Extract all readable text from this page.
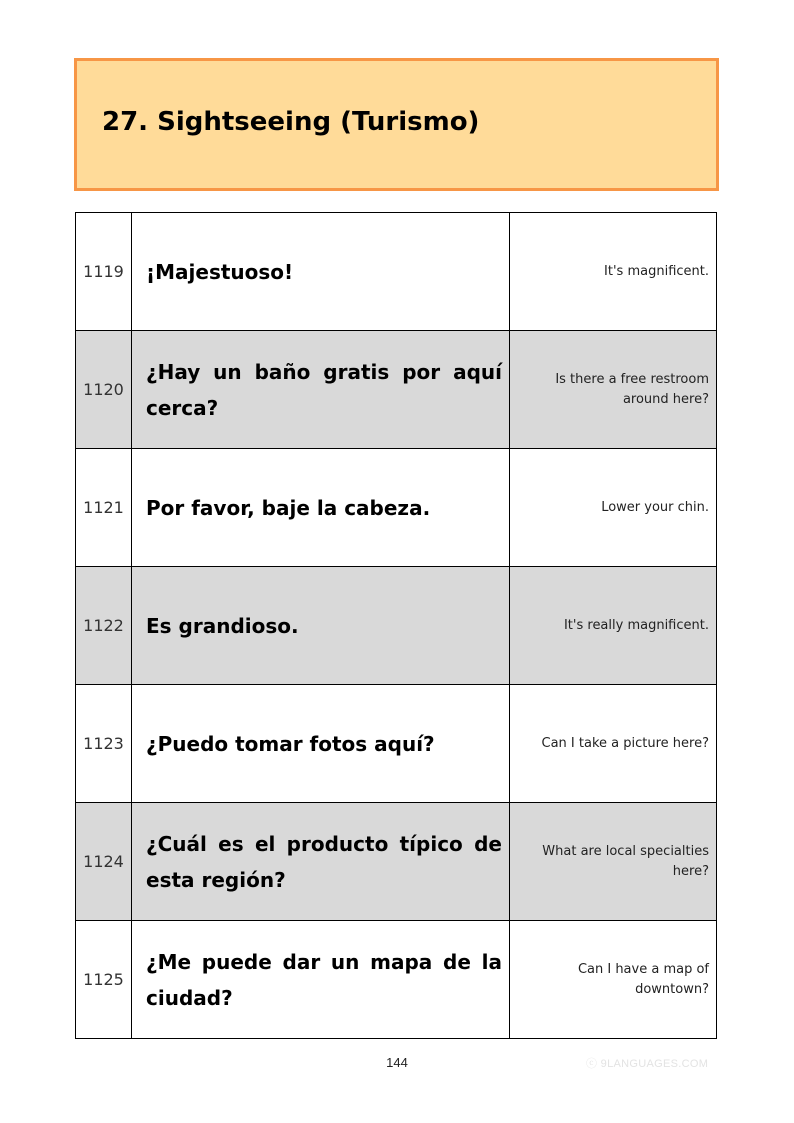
27. Sightseeing (Turismo)
1119	¡Majestuoso!	It's magnificent.
1120	¿Hay un baño gratis por aquí cerca?	Is there a free restroom around here?
1121	Por favor, baje la cabeza.	Lower your chin.
1122	Es grandioso.	It's really magnificent.
1123	¿Puedo tomar fotos aquí?	Can I take a picture here?
1124	¿Cuál es el producto típico de esta región?	What are local specialties here?
1125	¿Me puede dar un mapa de la ciudad?	Can I have a map of downtown?
144	ⓒ 9LANGUAGES.COM
